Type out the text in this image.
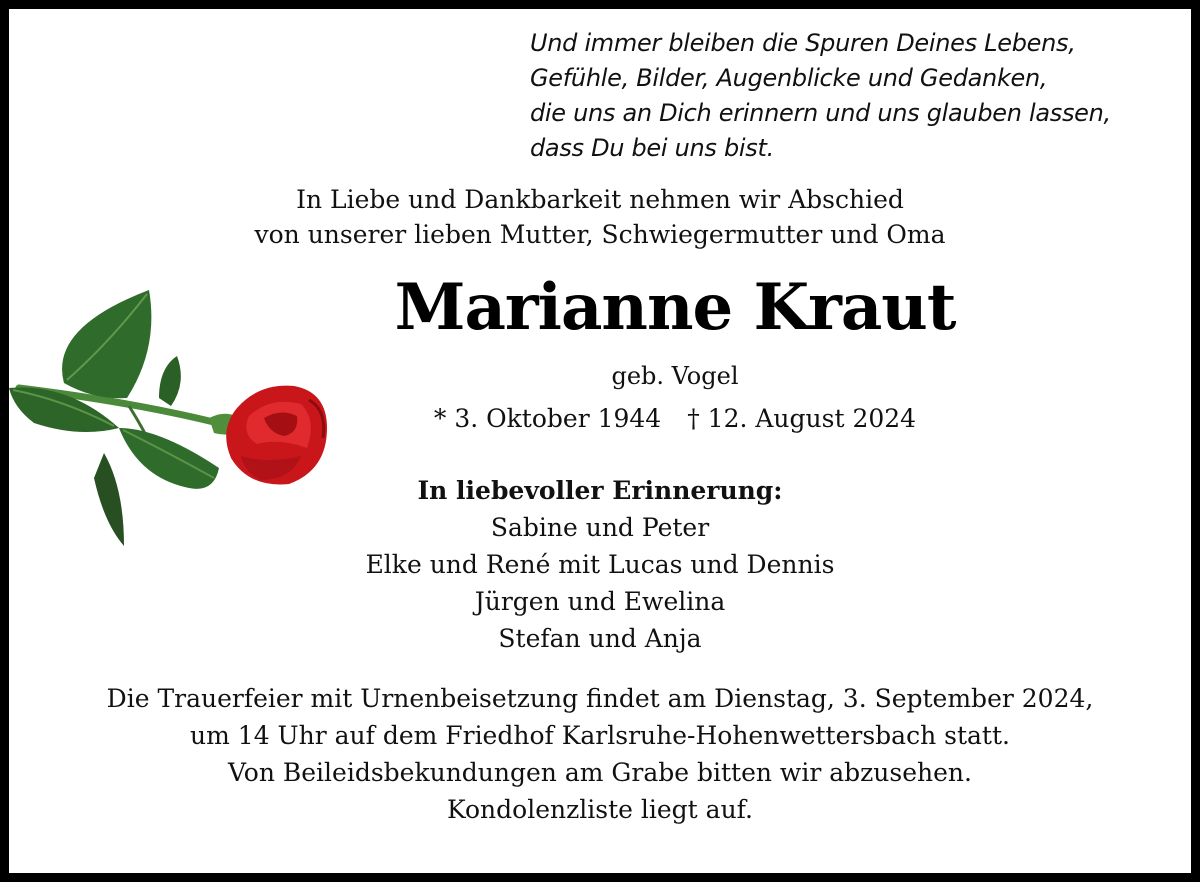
Und immer bleiben die Spuren Deines Lebens,
Gefühle, Bilder, Augenblicke und Gedanken,
die uns an Dich erinnern und uns glauben lassen,
dass Du bei uns bist.
In Liebe und Dankbarkeit nehmen wir Abschied
von unserer lieben Mutter, Schwiegermutter und Oma
Marianne Kraut
geb. Vogel
* 3. Oktober 1944 † 12. August 2024
In liebevoller Erinnerung:
Sabine und Peter
Elke und René mit Lucas und Dennis
Jürgen und Ewelina
Stefan und Anja
Die Trauerfeier mit Urnenbeisetzung findet am Dienstag, 3. September 2024,
um 14 Uhr auf dem Friedhof Karlsruhe-Hohenwettersbach statt.
Von Beileidsbekundungen am Grabe bitten wir abzusehen.
Kondolenzliste liegt auf.
